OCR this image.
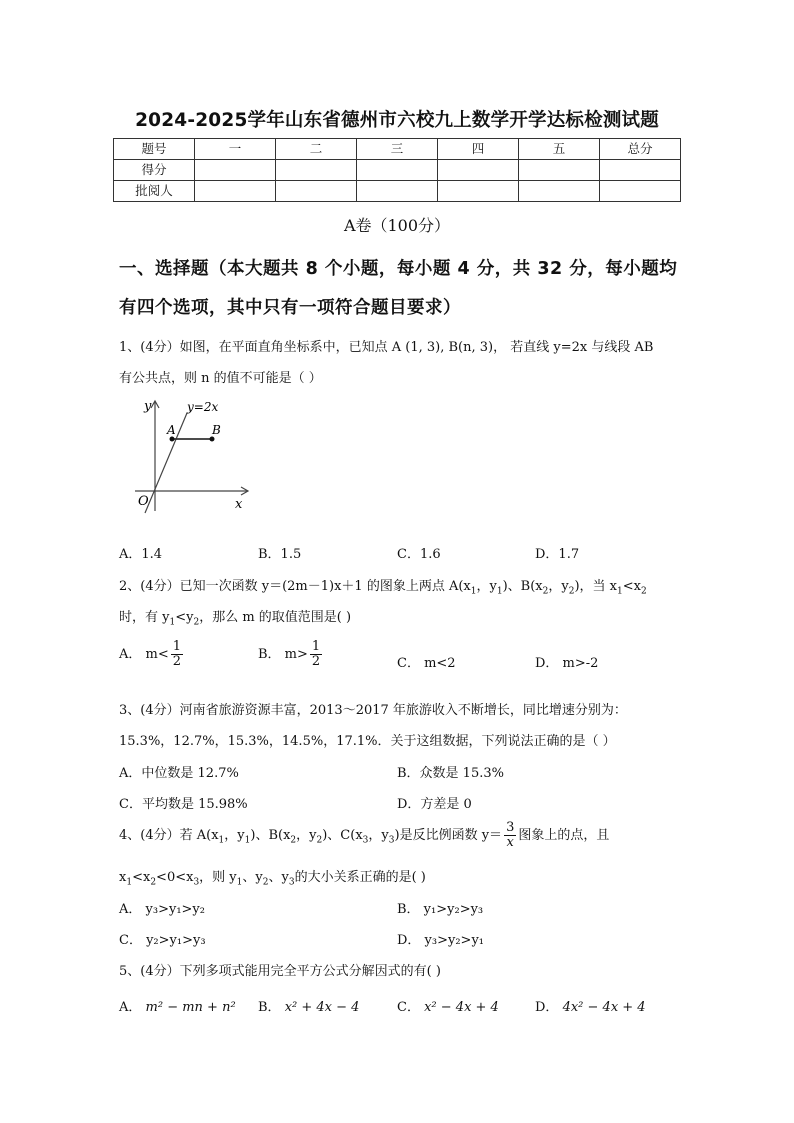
2024-2025学年山东省德州市六校九上数学开学达标检测试题
题号	一	二	三	四	五	总分
得分						
批阅人						
A卷（100分）
一、选择题（本大题共 8 个小题，每小题 4 分，共 32 分，每小题均
有四个选项，其中只有一项符合题目要求）
1、(4分）如图，在平面直角坐标系中，已知点 A (1, 3), B(n, 3)， 若直线 y=2x 与线段 AB
有公共点，则 n 的值不可能是（ ）
y
x
O
y=2x
A	B
A．1.4	B．1.5	C．1.6	D．1.7
2、(4分）已知一次函数 y＝(2m－1)x＋1 的图象上两点 $A(x_1$，$y_1$)、$B(x_2$，$y_2$)，当 $x_1<x_2$
时，有 $y_1<y_2$，那么 m 的取值范围是( )
A． $m< \frac{1}{2}$	B． $m> \frac{1}{2}$	C． m<2	D． m>-2
3、(4分）河南省旅游资源丰富，2013～2017 年旅游收入不断增长，同比增速分别为：
15.3%，12.7%，15.3%，14.5%，17.1%．关于这组数据，下列说法正确的是（ ）
A．中位数是 12.7%	B．众数是 15.3%
C．平均数是 15.98%	D．方差是 0
4、(4分）若 $A(x_1$，$y_1$)、$B(x_2$，$y_2$)、$C(x_3$，$y_3$)是反比例函数 $y= \frac{3}{x}$ 图象上的点，且
$x_1<x_2<0<x_3$，则 $y_1$、$y_2$、$y_3$的大小关系正确的是( )
A． y₃>y₁>y₂	B． y₁>y₂>y₃
C． y₂>y₁>y₃	D． y₃>y₂>y₁
5、(4分）下列多项式能用完全平方公式分解因式的有( )
A． m² − mn + n² B． x² + 4x − 4	C． x² − 4x + 4	D． 4x² − 4x + 4
